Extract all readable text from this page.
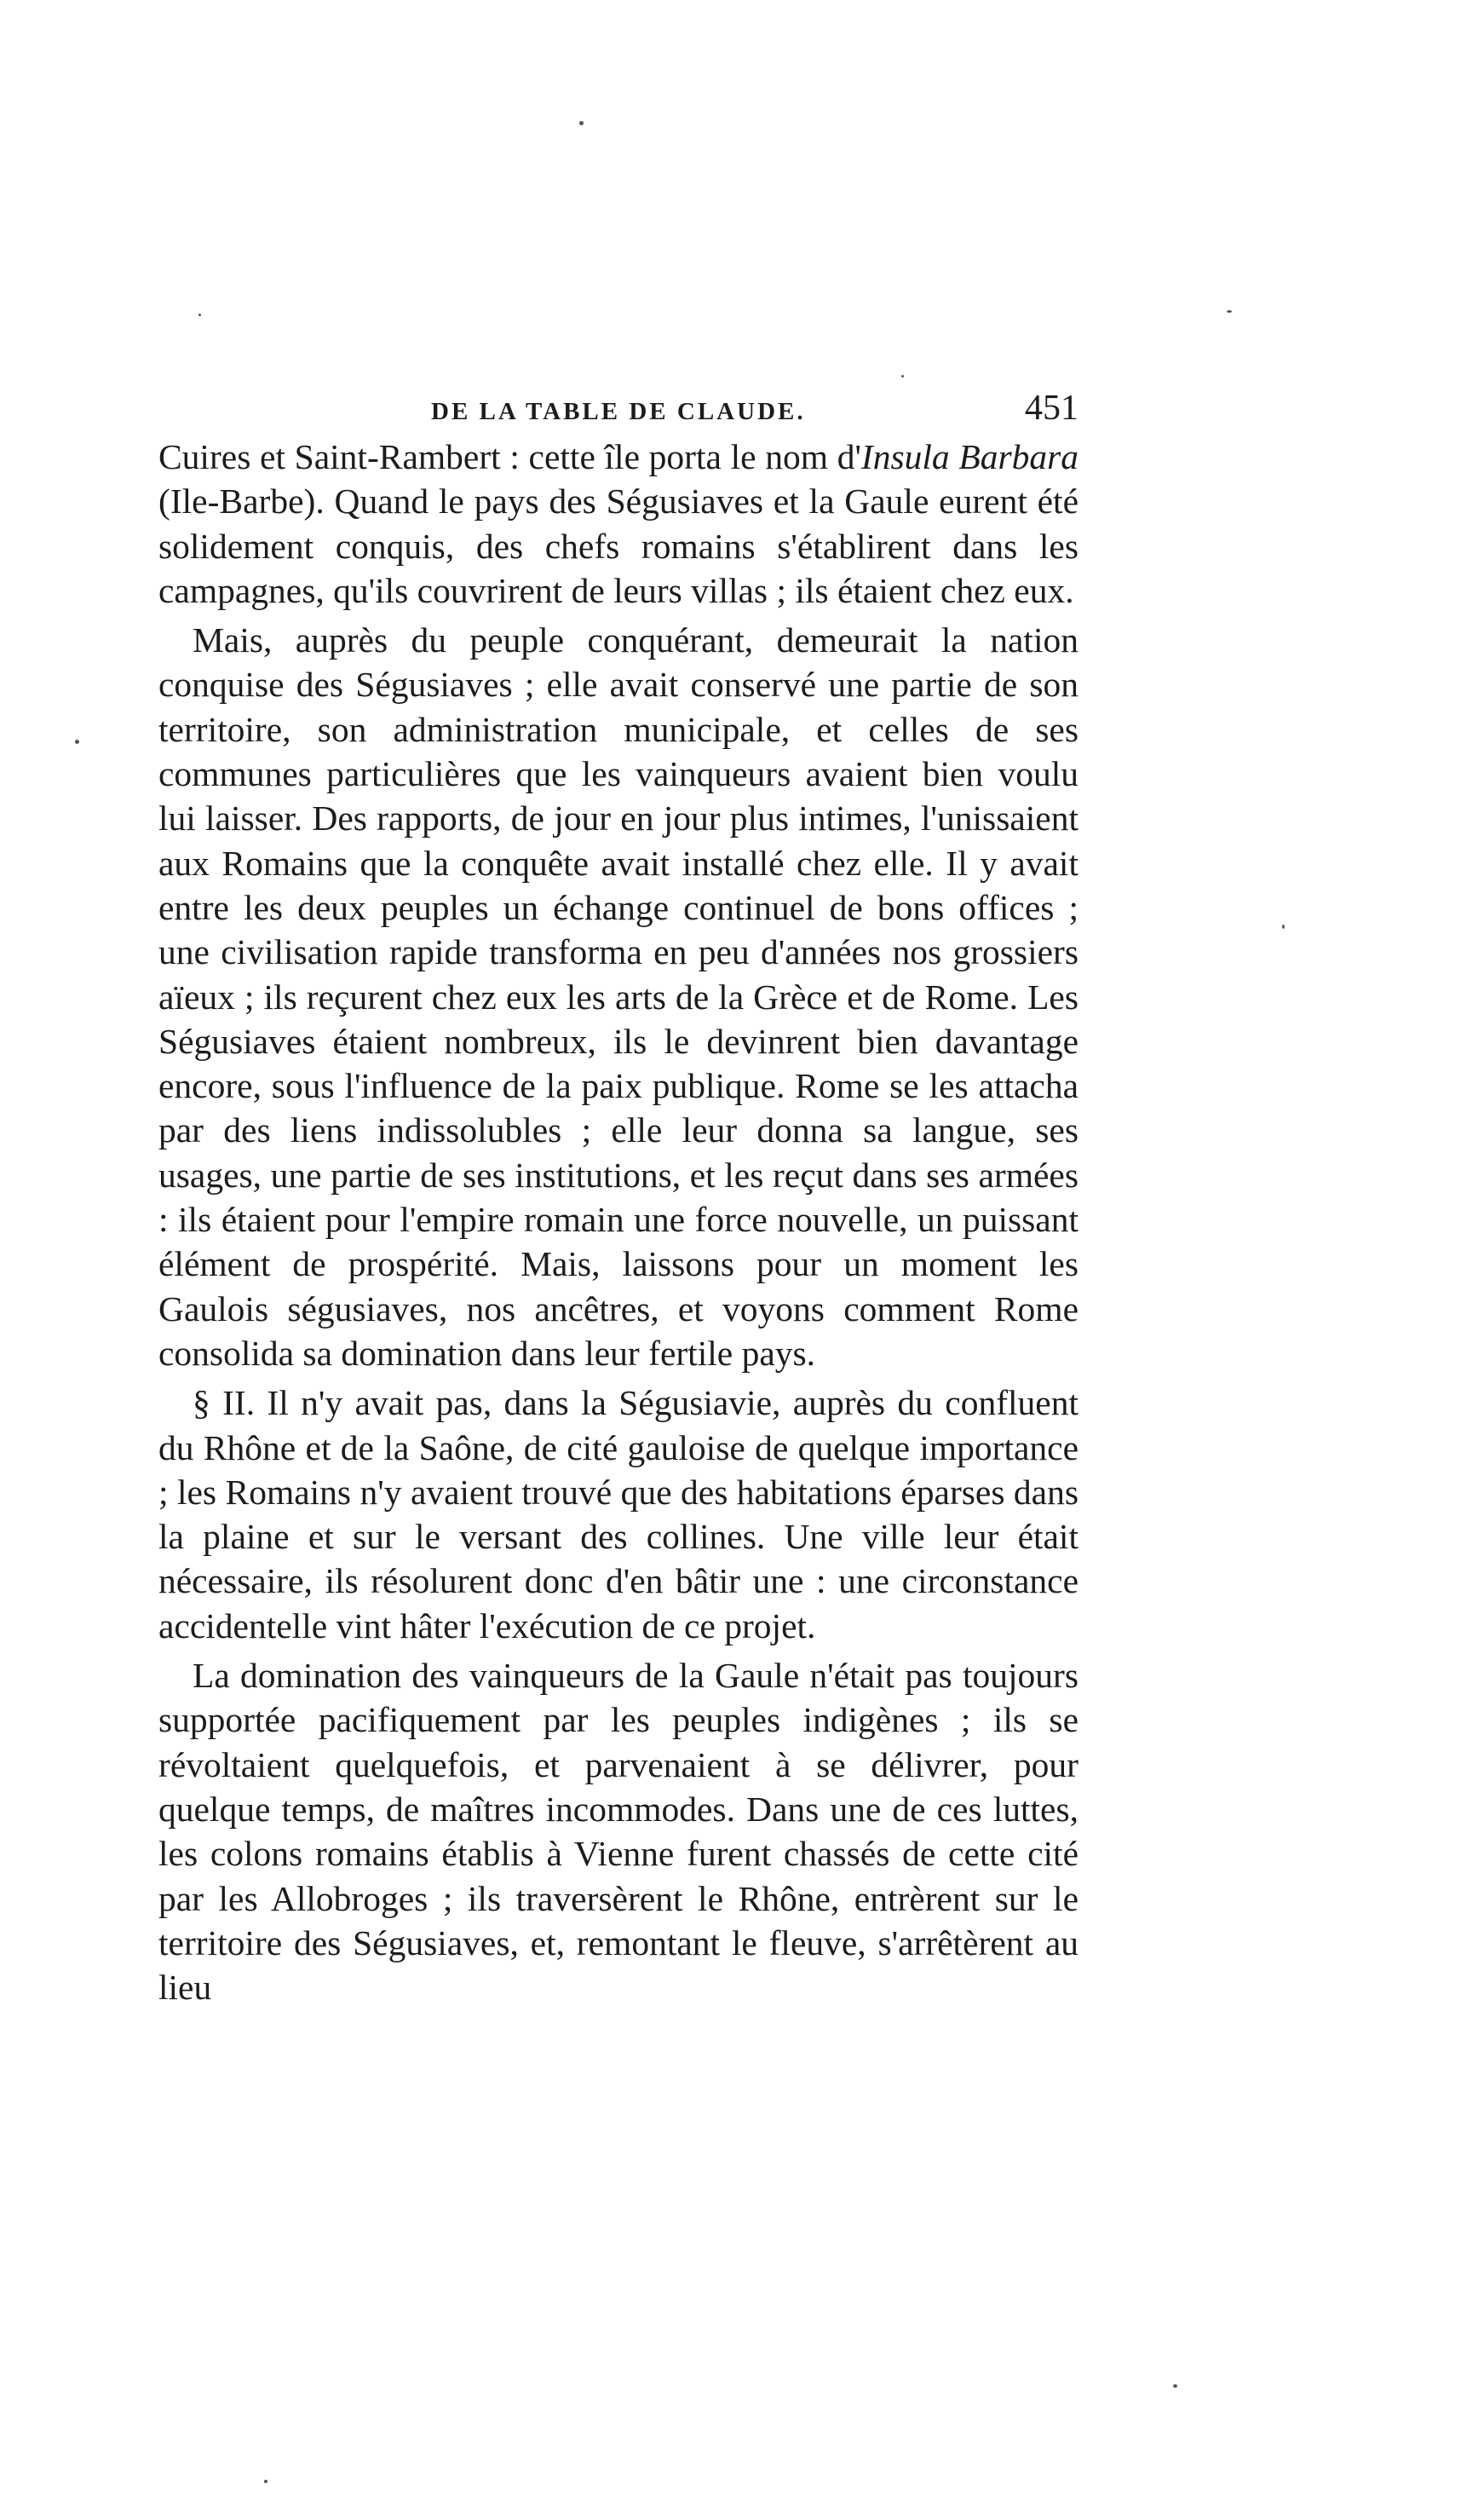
DE LA TABLE DE CLAUDE.	451

Cuires et Saint-Rambert : cette île porta le nom d'Insula Barbara (Ile-Barbe). Quand le pays des Ségusiaves et la Gaule eurent été solidement conquis, des chefs romains s'établirent dans les campagnes, qu'ils couvrirent de leurs villas ; ils étaient chez eux.

Mais, auprès du peuple conquérant, demeurait la nation conquise des Ségusiaves ; elle avait conservé une partie de son territoire, son administration municipale, et celles de ses communes particulières que les vainqueurs avaient bien voulu lui laisser. Des rapports, de jour en jour plus intimes, l'unissaient aux Romains que la conquête avait installé chez elle. Il y avait entre les deux peuples un échange continuel de bons offices ; une civilisation rapide transforma en peu d'années nos grossiers aïeux ; ils reçurent chez eux les arts de la Grèce et de Rome. Les Ségusiaves étaient nombreux, ils le devinrent bien davantage encore, sous l'influence de la paix publique. Rome se les attacha par des liens indissolubles ; elle leur donna sa langue, ses usages, une partie de ses institutions, et les reçut dans ses armées : ils étaient pour l'empire romain une force nouvelle, un puissant élément de prospérité. Mais, laissons pour un moment les Gaulois ségusiaves, nos ancêtres, et voyons comment Rome consolida sa domination dans leur fertile pays.

§ II. Il n'y avait pas, dans la Ségusiavie, auprès du confluent du Rhône et de la Saône, de cité gauloise de quelque importance ; les Romains n'y avaient trouvé que des habitations éparses dans la plaine et sur le versant des collines. Une ville leur était nécessaire, ils résolurent donc d'en bâtir une : une circonstance accidentelle vint hâter l'exécution de ce projet.

La domination des vainqueurs de la Gaule n'était pas toujours supportée pacifiquement par les peuples indigènes ; ils se révoltaient quelquefois, et parvenaient à se délivrer, pour quelque temps, de maîtres incommodes. Dans une de ces luttes, les colons romains établis à Vienne furent chassés de cette cité par les Allobroges ; ils traversèrent le Rhône, entrèrent sur le territoire des Ségusiaves, et, remontant le fleuve, s'arrêtèrent au lieu
